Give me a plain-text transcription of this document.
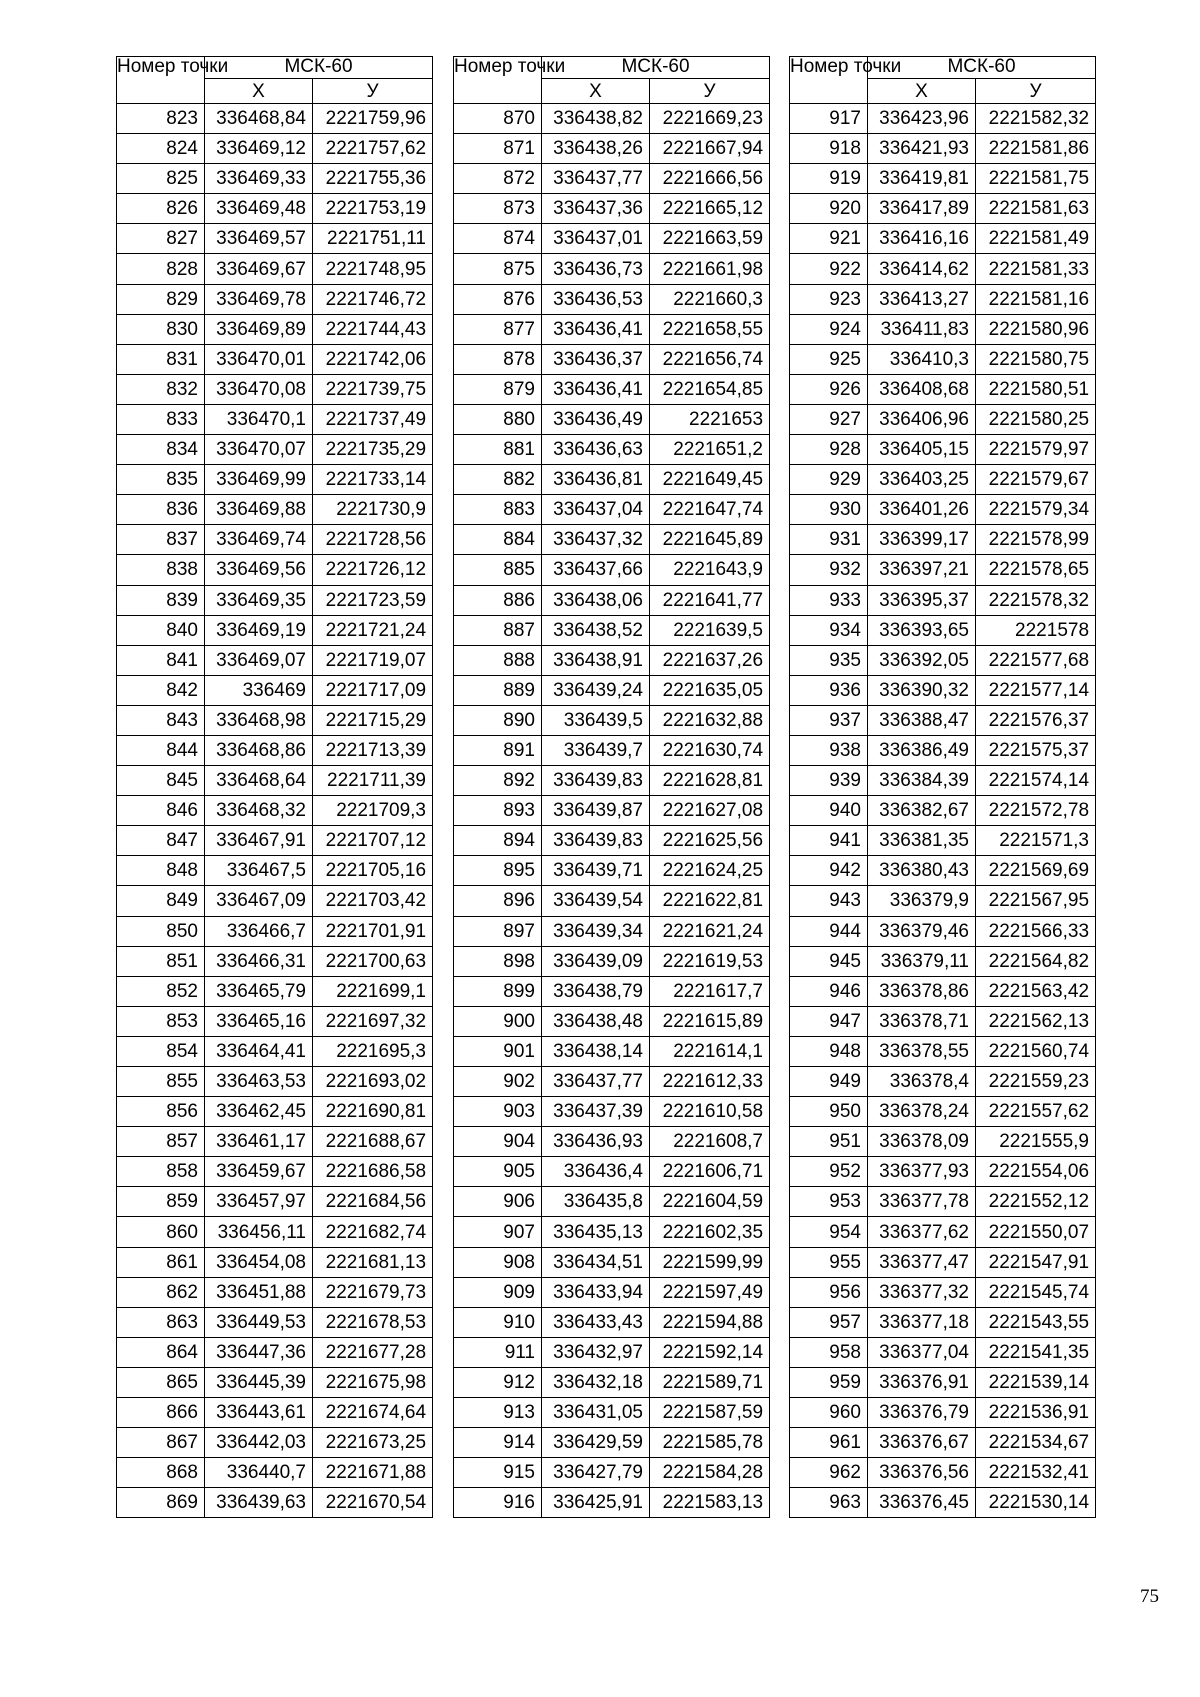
Номер точки	МСК-60	
	X	У
823	336468,84	2221759,96
824	336469,12	2221757,62
825	336469,33	2221755,36
826	336469,48	2221753,19
827	336469,57	2221751,11
828	336469,67	2221748,95
829	336469,78	2221746,72
830	336469,89	2221744,43
831	336470,01	2221742,06
832	336470,08	2221739,75
833	336470,1	2221737,49
834	336470,07	2221735,29
835	336469,99	2221733,14
836	336469,88	2221730,9
837	336469,74	2221728,56
838	336469,56	2221726,12
839	336469,35	2221723,59
840	336469,19	2221721,24
841	336469,07	2221719,07
842	336469	2221717,09
843	336468,98	2221715,29
844	336468,86	2221713,39
845	336468,64	2221711,39
846	336468,32	2221709,3
847	336467,91	2221707,12
848	336467,5	2221705,16
849	336467,09	2221703,42
850	336466,7	2221701,91
851	336466,31	2221700,63
852	336465,79	2221699,1
853	336465,16	2221697,32
854	336464,41	2221695,3
855	336463,53	2221693,02
856	336462,45	2221690,81
857	336461,17	2221688,67
858	336459,67	2221686,58
859	336457,97	2221684,56
860	336456,11	2221682,74
861	336454,08	2221681,13
862	336451,88	2221679,73
863	336449,53	2221678,53
864	336447,36	2221677,28
865	336445,39	2221675,98
866	336443,61	2221674,64
867	336442,03	2221673,25
868	336440,7	2221671,88
869	336439,63	2221670,54
Номер точки	МСК-60	
	X	У
870	336438,82	2221669,23
871	336438,26	2221667,94
872	336437,77	2221666,56
873	336437,36	2221665,12
874	336437,01	2221663,59
875	336436,73	2221661,98
876	336436,53	2221660,3
877	336436,41	2221658,55
878	336436,37	2221656,74
879	336436,41	2221654,85
880	336436,49	2221653
881	336436,63	2221651,2
882	336436,81	2221649,45
883	336437,04	2221647,74
884	336437,32	2221645,89
885	336437,66	2221643,9
886	336438,06	2221641,77
887	336438,52	2221639,5
888	336438,91	2221637,26
889	336439,24	2221635,05
890	336439,5	2221632,88
891	336439,7	2221630,74
892	336439,83	2221628,81
893	336439,87	2221627,08
894	336439,83	2221625,56
895	336439,71	2221624,25
896	336439,54	2221622,81
897	336439,34	2221621,24
898	336439,09	2221619,53
899	336438,79	2221617,7
900	336438,48	2221615,89
901	336438,14	2221614,1
902	336437,77	2221612,33
903	336437,39	2221610,58
904	336436,93	2221608,7
905	336436,4	2221606,71
906	336435,8	2221604,59
907	336435,13	2221602,35
908	336434,51	2221599,99
909	336433,94	2221597,49
910	336433,43	2221594,88
911	336432,97	2221592,14
912	336432,18	2221589,71
913	336431,05	2221587,59
914	336429,59	2221585,78
915	336427,79	2221584,28
916	336425,91	2221583,13
Номер точки	МСК-60	
	X	У
917	336423,96	2221582,32
918	336421,93	2221581,86
919	336419,81	2221581,75
920	336417,89	2221581,63
921	336416,16	2221581,49
922	336414,62	2221581,33
923	336413,27	2221581,16
924	336411,83	2221580,96
925	336410,3	2221580,75
926	336408,68	2221580,51
927	336406,96	2221580,25
928	336405,15	2221579,97
929	336403,25	2221579,67
930	336401,26	2221579,34
931	336399,17	2221578,99
932	336397,21	2221578,65
933	336395,37	2221578,32
934	336393,65	2221578
935	336392,05	2221577,68
936	336390,32	2221577,14
937	336388,47	2221576,37
938	336386,49	2221575,37
939	336384,39	2221574,14
940	336382,67	2221572,78
941	336381,35	2221571,3
942	336380,43	2221569,69
943	336379,9	2221567,95
944	336379,46	2221566,33
945	336379,11	2221564,82
946	336378,86	2221563,42
947	336378,71	2221562,13
948	336378,55	2221560,74
949	336378,4	2221559,23
950	336378,24	2221557,62
951	336378,09	2221555,9
952	336377,93	2221554,06
953	336377,78	2221552,12
954	336377,62	2221550,07
955	336377,47	2221547,91
956	336377,32	2221545,74
957	336377,18	2221543,55
958	336377,04	2221541,35
959	336376,91	2221539,14
960	336376,79	2221536,91
961	336376,67	2221534,67
962	336376,56	2221532,41
963	336376,45	2221530,14
75
